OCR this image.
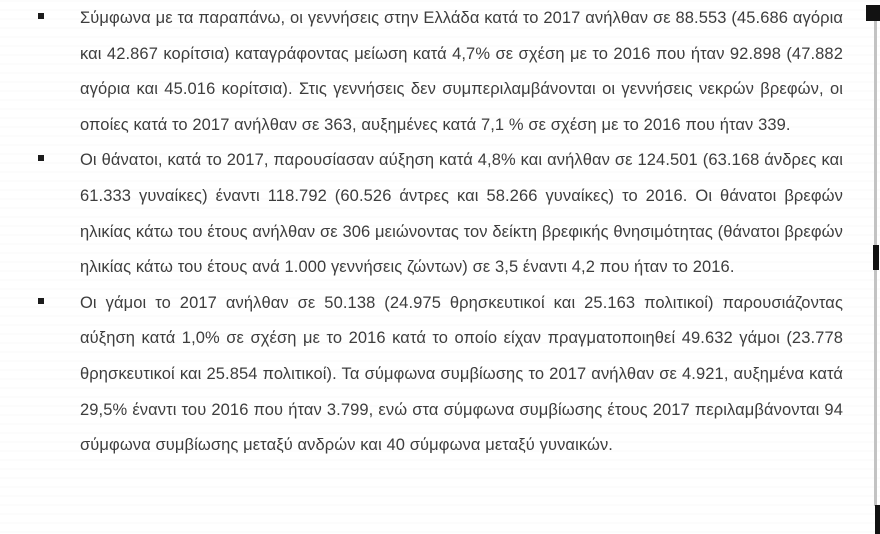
Σύμφωνα με τα παραπάνω, οι γεννήσεις στην Ελλάδα κατά το 2017 ανήλθαν σε 88.553 (45.686 αγόρια και 42.867 κορίτσια) καταγράφοντας μείωση κατά 4,7% σε σχέση με το 2016 που ήταν 92.898 (47.882 αγόρια και 45.016 κορίτσια). Στις γεννήσεις δεν συμπεριλαμβάνονται οι γεννήσεις νεκρών βρεφών, οι οποίες κατά το 2017 ανήλθαν σε 363, αυξημένες κατά 7,1 % σε σχέση με το 2016 που ήταν 339.
Οι θάνατοι, κατά το 2017, παρουσίασαν αύξηση κατά 4,8% και ανήλθαν σε 124.501 (63.168 άνδρες και 61.333 γυναίκες) έναντι 118.792 (60.526 άντρες και 58.266 γυναίκες) το 2016. Οι θάνατοι βρεφών ηλικίας κάτω του έτους ανήλθαν σε 306 μειώνοντας τον δείκτη βρεφικής θνησιμότητας (θάνατοι βρεφών ηλικίας κάτω του έτους ανά 1.000 γεννήσεις ζώντων) σε 3,5 έναντι 4,2 που ήταν το 2016.
Οι γάμοι το 2017 ανήλθαν σε 50.138 (24.975 θρησκευτικοί και 25.163 πολιτικοί) παρουσιάζοντας αύξηση κατά 1,0% σε σχέση με το 2016 κατά το οποίο είχαν πραγματοποιηθεί 49.632 γάμοι (23.778 θρησκευτικοί και 25.854 πολιτικοί). Τα σύμφωνα συμβίωσης το 2017 ανήλθαν σε 4.921, αυξημένα κατά 29,5% έναντι του 2016 που ήταν 3.799, ενώ στα σύμφωνα συμβίωσης έτους 2017 περιλαμβάνονται 94 σύμφωνα συμβίωσης μεταξύ ανδρών και 40 σύμφωνα μεταξύ γυναικών.
